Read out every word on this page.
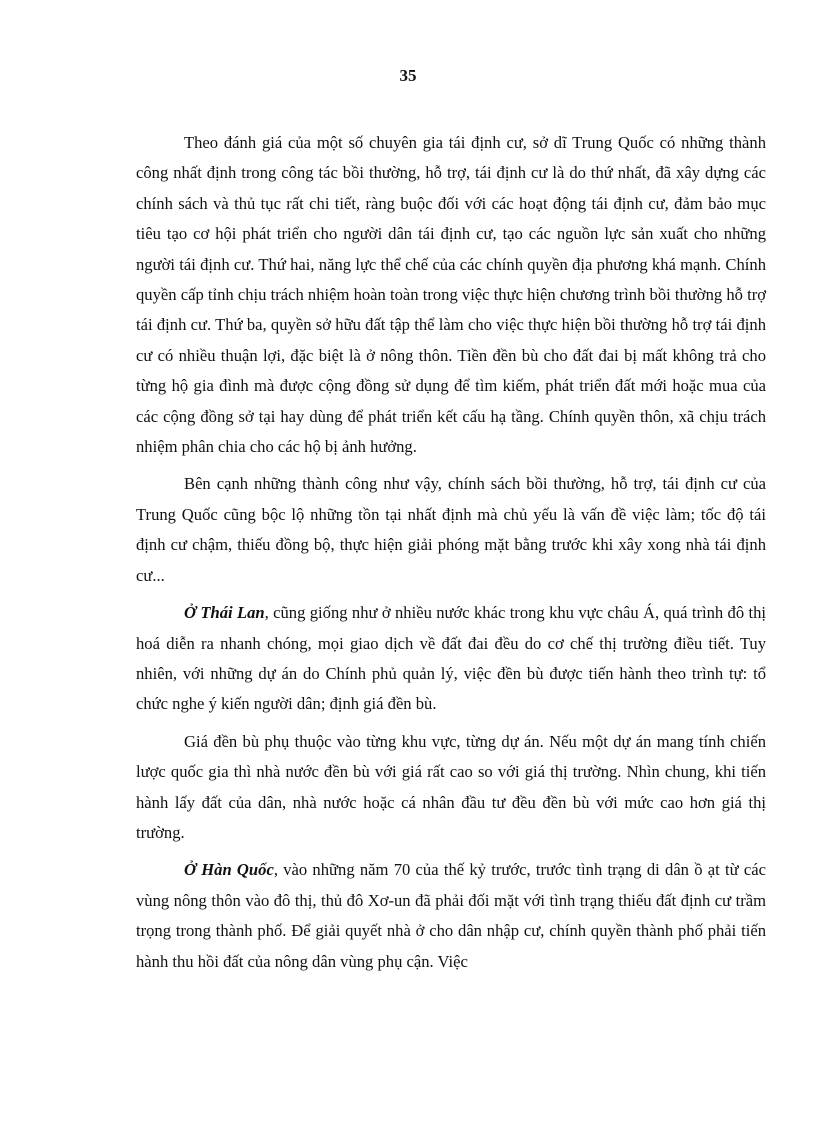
35

Theo đánh giá của một số chuyên gia tái định cư, sở dĩ Trung Quốc có những thành công nhất định trong công tác bồi thường, hỗ trợ, tái định cư là do thứ nhất, đã xây dựng các chính sách và thủ tục rất chi tiết, ràng buộc đối với các hoạt động tái định cư, đảm bảo mục tiêu tạo cơ hội phát triển cho người dân tái định cư, tạo các nguồn lực sản xuất cho những người tái định cư. Thứ hai, năng lực thể chế của các chính quyền địa phương khá mạnh. Chính quyền cấp tỉnh chịu trách nhiệm hoàn toàn trong việc thực hiện chương trình bồi thường hỗ trợ tái định cư. Thứ ba, quyền sở hữu đất tập thể làm cho việc thực hiện bồi thường hỗ trợ tái định cư có nhiều thuận lợi, đặc biệt là ở nông thôn. Tiền đền bù cho đất đai bị mất không trả cho từng hộ gia đình mà được cộng đồng sử dụng để tìm kiếm, phát triển đất mới hoặc mua của các cộng đồng sở tại hay dùng để phát triển kết cấu hạ tầng. Chính quyền thôn, xã chịu trách nhiệm phân chia cho các hộ bị ảnh hưởng.

Bên cạnh những thành công như vậy, chính sách bồi thường, hỗ trợ, tái định cư của Trung Quốc cũng bộc lộ những tồn tại nhất định mà chủ yếu là vấn đề việc làm; tốc độ tái định cư chậm, thiếu đồng bộ, thực hiện giải phóng mặt bằng trước khi xây xong nhà tái định cư...

Ở Thái Lan, cũng giống như ở nhiều nước khác trong khu vực châu Á, quá trình đô thị hoá diễn ra nhanh chóng, mọi giao dịch về đất đai đều do cơ chế thị trường điều tiết. Tuy nhiên, với những dự án do Chính phủ quản lý, việc đền bù được tiến hành theo trình tự: tổ chức nghe ý kiến người dân; định giá đền bù.

Giá đền bù phụ thuộc vào từng khu vực, từng dự án. Nếu một dự án mang tính chiến lược quốc gia thì nhà nước đền bù với giá rất cao so với giá thị trường. Nhìn chung, khi tiến hành lấy đất của dân, nhà nước hoặc cá nhân đầu tư đều đền bù với mức cao hơn giá thị trường.

Ở Hàn Quốc, vào những năm 70 của thế kỷ trước, trước tình trạng di dân ồ ạt từ các vùng nông thôn vào đô thị, thủ đô Xơ-un đã phải đối mặt với tình trạng thiếu đất định cư trầm trọng trong thành phố. Để giải quyết nhà ở cho dân nhập cư, chính quyền thành phố phải tiến hành thu hồi đất của nông dân vùng phụ cận. Việc
